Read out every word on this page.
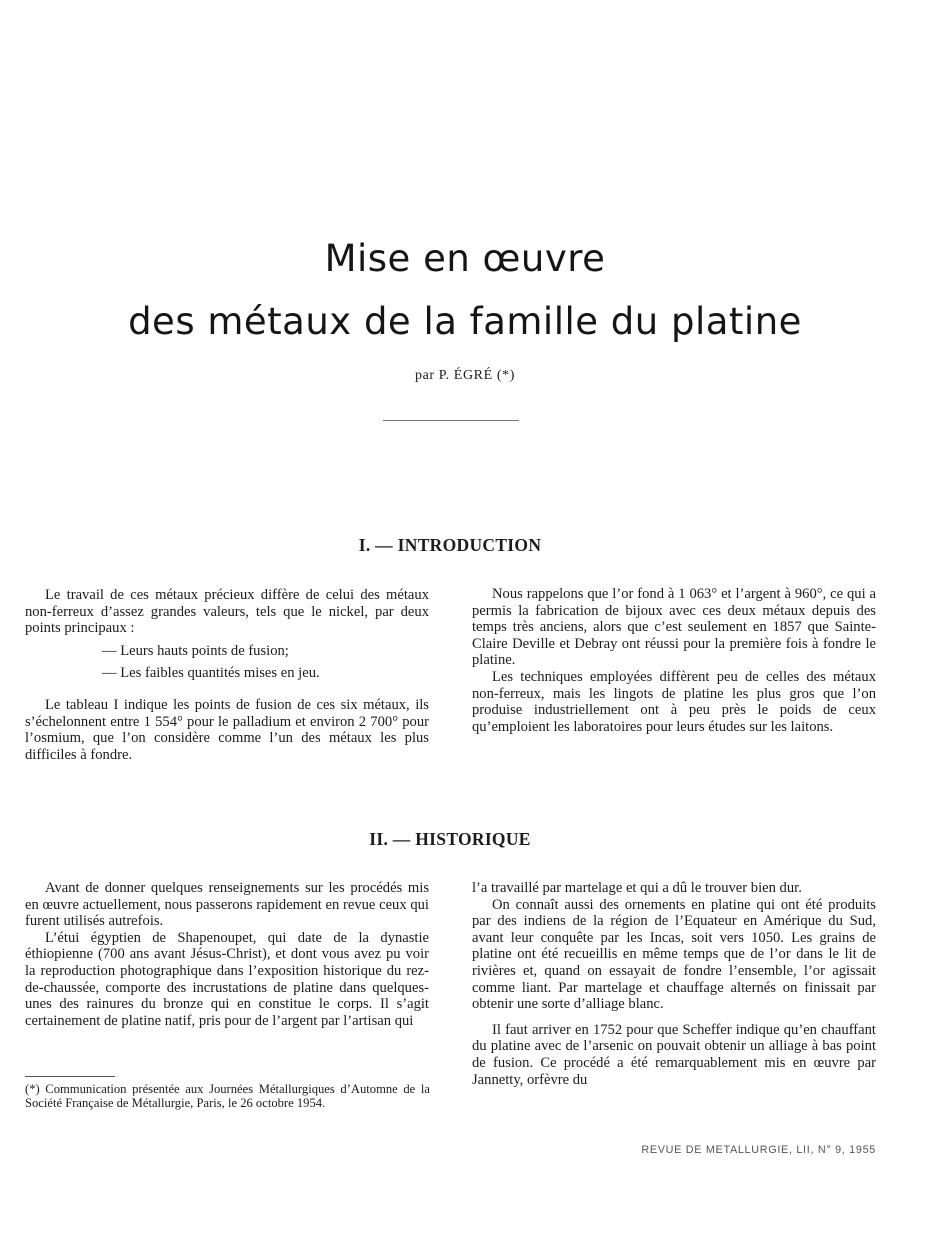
Mise en œuvre
des métaux de la famille du platine
par P. ÉGRÉ (*)
I. — INTRODUCTION

Le travail de ces métaux précieux diffère de celui des métaux non-ferreux d’assez grandes valeurs, tels que le nickel, par deux points principaux :

— Leurs hauts points de fusion;

— Les faibles quantités mises en jeu.

Le tableau I indique les points de fusion de ces six métaux, ils s’échelonnent entre 1 554° pour le palladium et environ 2 700° pour l’osmium, que l’on considère comme l’un des métaux les plus difficiles à fondre.

Nous rappelons que l’or fond à 1 063° et l’argent à 960°, ce qui a permis la fabrication de bijoux avec ces deux métaux depuis des temps très anciens, alors que c’est seulement en 1857 que Sainte-Claire Deville et Debray ont réussi pour la première fois à fondre le platine.

Les techniques employées diffèrent peu de celles des métaux non-ferreux, mais les lingots de platine les plus gros que l’on produise industriellement ont à peu près le poids de ceux qu’emploient les laboratoires pour leurs études sur les laitons.

II. — HISTORIQUE

Avant de donner quelques renseignements sur les procédés mis en œuvre actuellement, nous passerons rapidement en revue ceux qui furent utilisés autrefois.

L’étui égyptien de Shapenoupet, qui date de la dynastie éthiopienne (700 ans avant Jésus-Christ), et dont vous avez pu voir la reproduction photographique dans l’exposition historique du rez-de-chaussée, comporte des incrustations de platine dans quelques-unes des rainures du bronze qui en constitue le corps. Il s’agit certainement de platine natif, pris pour de l’argent par l’artisan qui

l’a travaillé par martelage et qui a dû le trouver bien dur.

On connaît aussi des ornements en platine qui ont été produits par des indiens de la région de l’Equateur en Amérique du Sud, avant leur conquête par les Incas, soit vers 1050. Les grains de platine ont été recueillis en même temps que de l’or dans le lit de rivières et, quand on essayait de fondre l’ensemble, l’or agissait comme liant. Par martelage et chauffage alternés on finissait par obtenir une sorte d’alliage blanc.

Il faut arriver en 1752 pour que Scheffer indique qu’en chauffant du platine avec de l’arsenic on pouvait obtenir un alliage à bas point de fusion. Ce procédé a été remarquablement mis en œuvre par Jannetty, orfèvre du

(*) Communication présentée aux Journées Métallurgiques d’Automne de la Société Française de Métallurgie, Paris, le 26 octobre 1954.

REVUE DE METALLURGIE, LII, N° 9, 1955
